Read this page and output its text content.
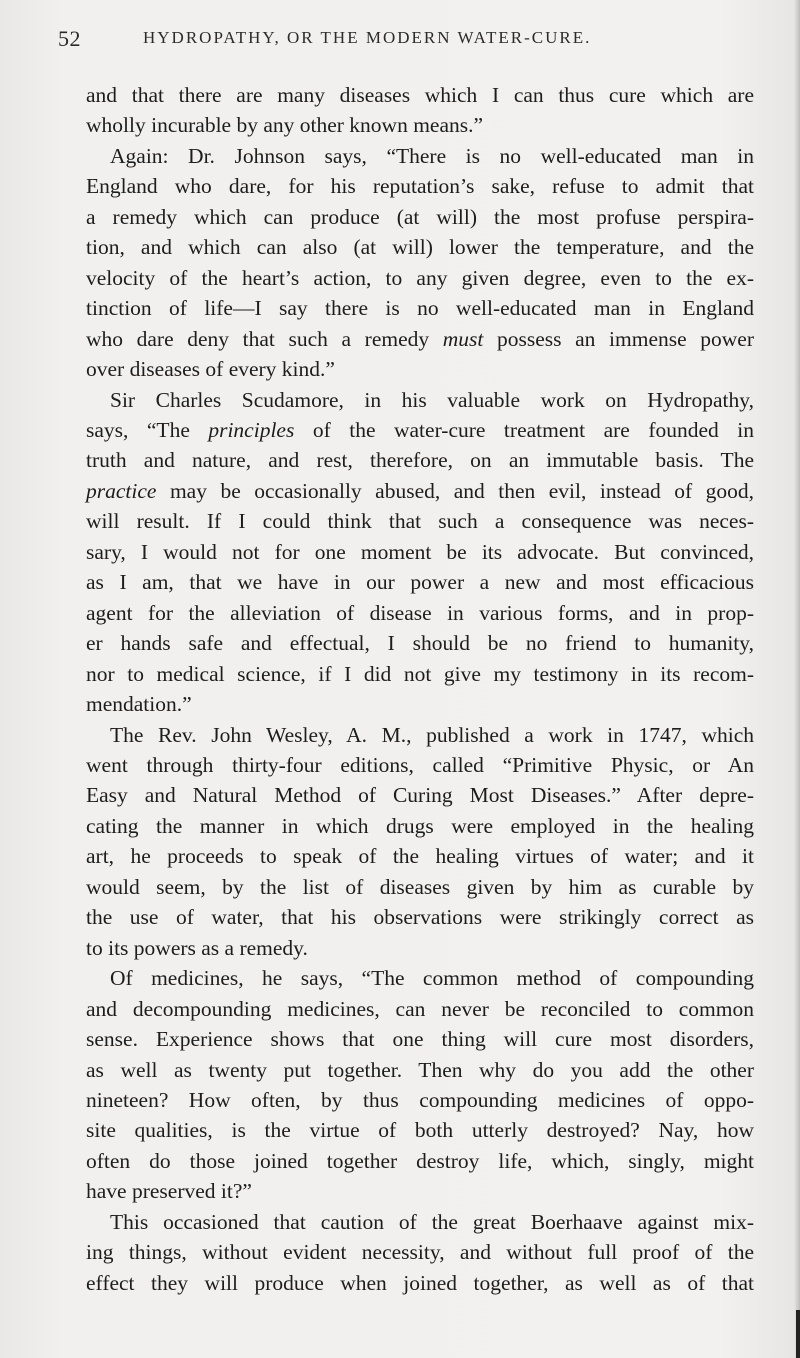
52	HYDROPATHY, OR THE MODERN WATER-CURE.
and that there are many diseases which I can thus cure which are
wholly incurable by any other known means.”
Again: Dr. Johnson says, “There is no well-educated man in
England who dare, for his reputation’s sake, refuse to admit that
a remedy which can produce (at will) the most profuse perspira-
tion, and which can also (at will) lower the temperature, and the
velocity of the heart’s action, to any given degree, even to the ex-
tinction of life—I say there is no well-educated man in England
who dare deny that such a remedy must possess an immense power
over diseases of every kind.”
Sir Charles Scudamore, in his valuable work on Hydropathy,
says, “The principles of the water-cure treatment are founded in
truth and nature, and rest, therefore, on an immutable basis. The
practice may be occasionally abused, and then evil, instead of good,
will result. If I could think that such a consequence was neces-
sary, I would not for one moment be its advocate. But convinced,
as I am, that we have in our power a new and most efficacious
agent for the alleviation of disease in various forms, and in prop-
er hands safe and effectual, I should be no friend to humanity,
nor to medical science, if I did not give my testimony in its recom-
mendation.”
The Rev. John Wesley, A. M., published a work in 1747, which
went through thirty-four editions, called “Primitive Physic, or An
Easy and Natural Method of Curing Most Diseases.” After depre-
cating the manner in which drugs were employed in the healing
art, he proceeds to speak of the healing virtues of water; and it
would seem, by the list of diseases given by him as curable by
the use of water, that his observations were strikingly correct as
to its powers as a remedy.
Of medicines, he says, “The common method of compounding
and decompounding medicines, can never be reconciled to common
sense. Experience shows that one thing will cure most disorders,
as well as twenty put together. Then why do you add the other
nineteen? How often, by thus compounding medicines of oppo-
site qualities, is the virtue of both utterly destroyed? Nay, how
often do those joined together destroy life, which, singly, might
have preserved it?”
This occasioned that caution of the great Boerhaave against mix-
ing things, without evident necessity, and without full proof of the
effect they will produce when joined together, as well as of that
